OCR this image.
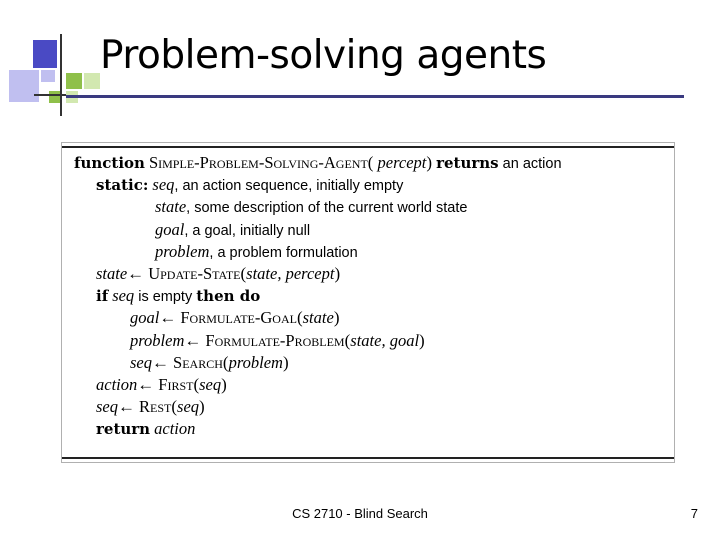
Problem-solving agents
function Simple-Problem-Solving-Agent( percept) returns an action
static: seq, an action sequence, initially empty
state, some description of the current world state
goal, a goal, initially null
problem, a problem formulation
state← Update-State(state, percept)
if seq is empty then do
goal← Formulate-Goal(state)
problem← Formulate-Problem(state, goal)
seq← Search(problem)
action← First(seq)
seq← Rest(seq)
return action
CS 2710 - Blind Search	7
